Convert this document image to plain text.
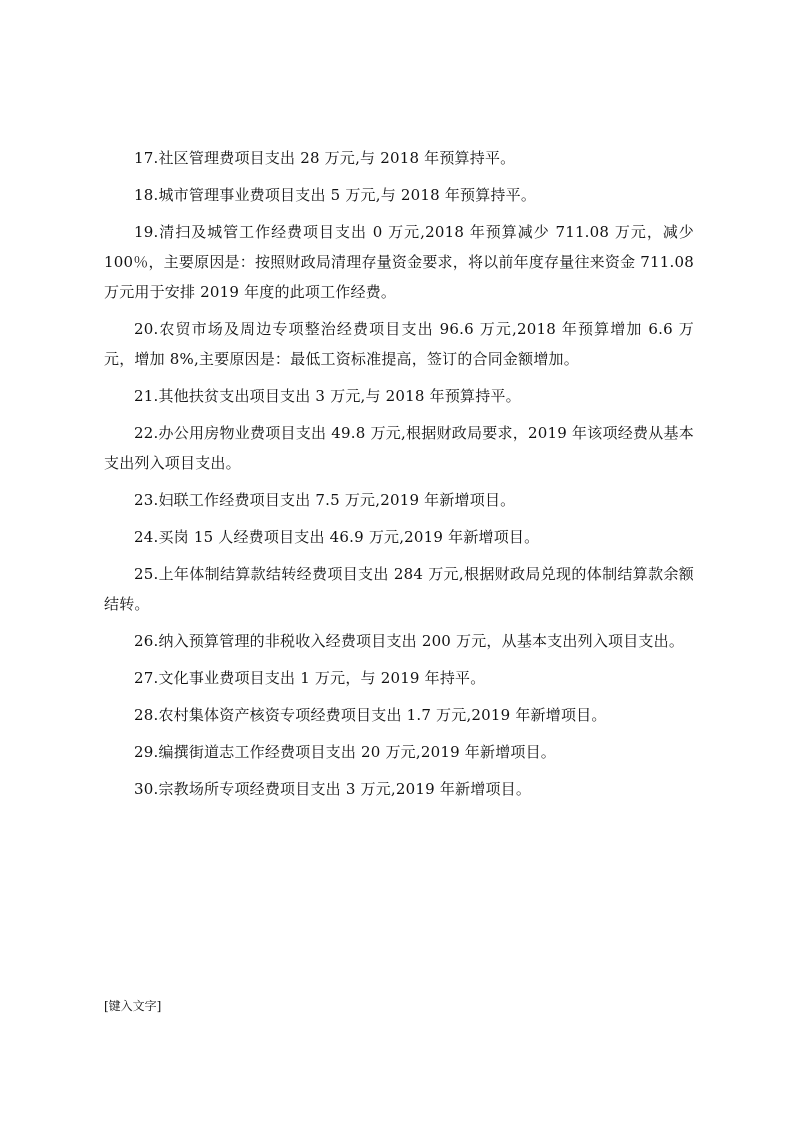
17.社区管理费项目支出 28 万元,与 2018 年预算持平。

18.城市管理事业费项目支出 5 万元,与 2018 年预算持平。

19.清扫及城管工作经费项目支出 0 万元,2018 年预算减少 711.08 万元，减少 100％，主要原因是：按照财政局清理存量资金要求，将以前年度存量往来资金 711.08 万元用于安排 2019 年度的此项工作经费。

20.农贸市场及周边专项整治经费项目支出 96.6 万元,2018 年预算增加 6.6 万元，增加 8%,主要原因是：最低工资标准提高，签订的合同金额增加。

21.其他扶贫支出项目支出 3 万元,与 2018 年预算持平。

22.办公用房物业费项目支出 49.8 万元,根据财政局要求，2019 年该项经费从基本支出列入项目支出。

23.妇联工作经费项目支出 7.5 万元,2019 年新增项目。

24.买岗 15 人经费项目支出 46.9 万元,2019 年新增项目。

25.上年体制结算款结转经费项目支出 284 万元,根据财政局兑现的体制结算款余额结转。

26.纳入预算管理的非税收入经费项目支出 200 万元，从基本支出列入项目支出。

27.文化事业费项目支出 1 万元，与 2019 年持平。

28.农村集体资产核资专项经费项目支出 1.7 万元,2019 年新增项目。

29.编撰街道志工作经费项目支出 20 万元,2019 年新增项目。

30.宗教场所专项经费项目支出 3 万元,2019 年新增项目。

[键入文字]
